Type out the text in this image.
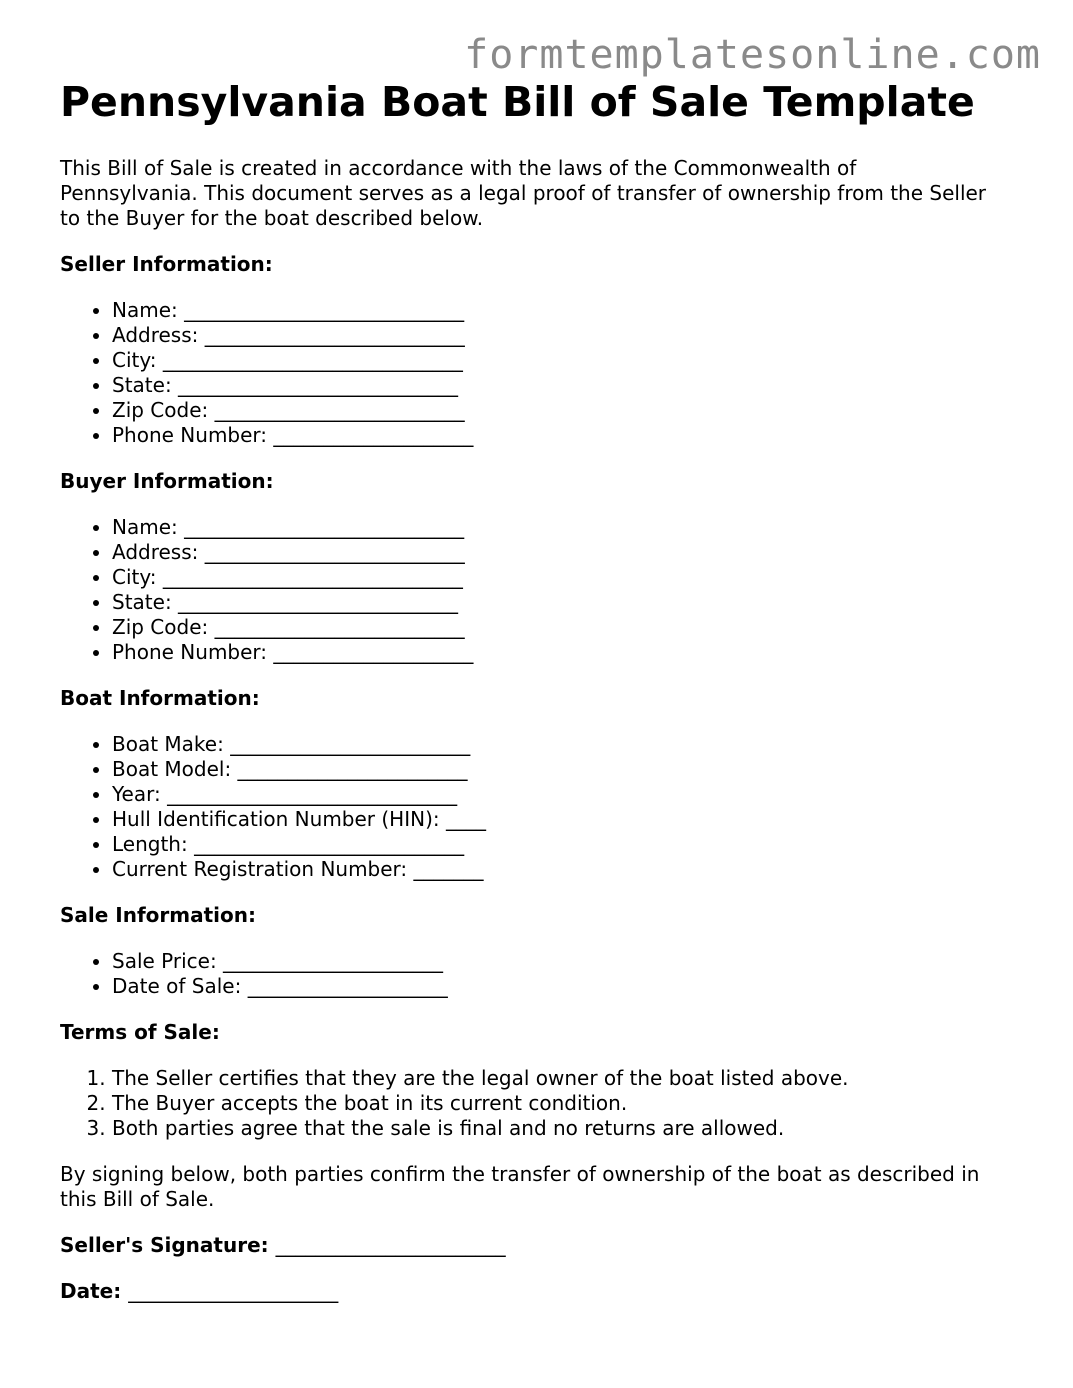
formtemplatesonline.com
Pennsylvania Boat Bill of Sale Template

This Bill of Sale is created in accordance with the laws of the Commonwealth of Pennsylvania. This document serves as a legal proof of transfer of ownership from the Seller to the Buyer for the boat described below.

Seller Information:

• Name: ____________________________
• Address: __________________________
• City: ______________________________
• State: ____________________________
• Zip Code: _________________________
• Phone Number: ____________________

Buyer Information:

• Name: ____________________________
• Address: __________________________
• City: ______________________________
• State: ____________________________
• Zip Code: _________________________
• Phone Number: ____________________

Boat Information:

• Boat Make: ________________________
• Boat Model: _______________________
• Year: _____________________________
• Hull Identification Number (HIN): ____
• Length: ___________________________
• Current Registration Number: _______

Sale Information:

• Sale Price: ______________________
• Date of Sale: ____________________

Terms of Sale:

1. The Seller certifies that they are the legal owner of the boat listed above.
2. The Buyer accepts the boat in its current condition.
3. Both parties agree that the sale is final and no returns are allowed.

By signing below, both parties confirm the transfer of ownership of the boat as described in this Bill of Sale.

Seller's Signature: _______________________

Date: _____________________
